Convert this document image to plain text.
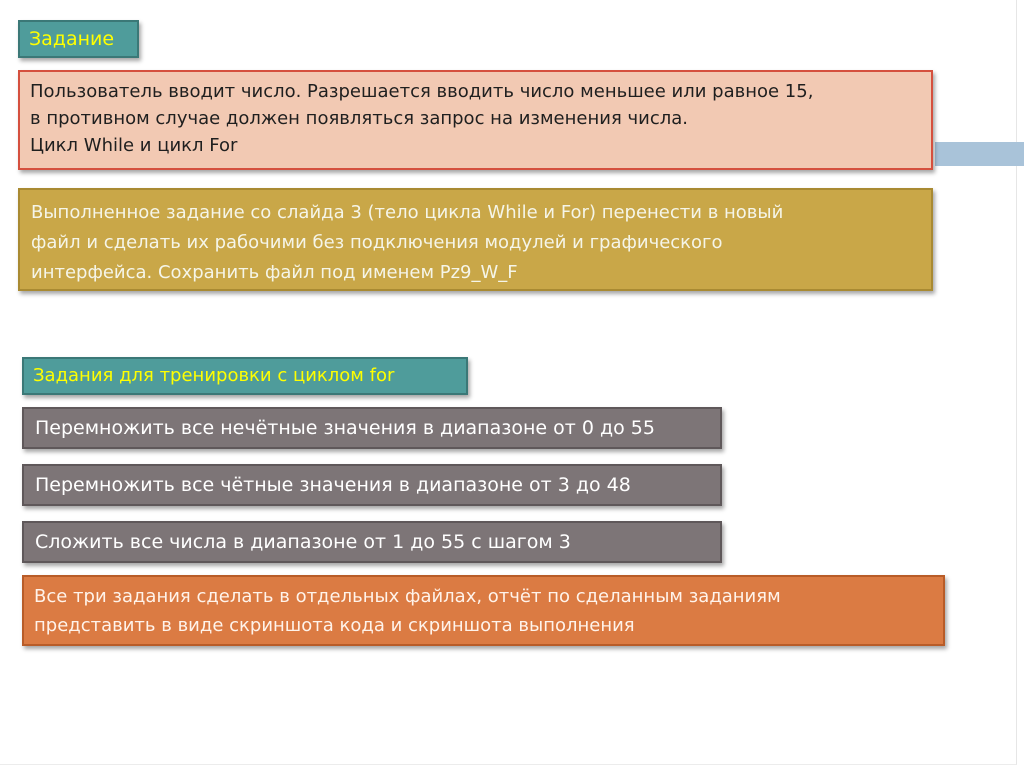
Задание
Пользователь вводит число. Разрешается вводить число меньшее или равное 15,
в противном случае должен появляться запрос на изменения числа.
Цикл While и цикл For
Выполненное задание со слайда 3 (тело цикла While и For) перенести в новый
файл и сделать их рабочими без подключения модулей и графического
интерфейса. Сохранить файл под именем Pz9_W_F
Задания для тренировки с циклом for
Перемножить все нечётные значения в диапазоне от 0 до 55
Перемножить все чётные значения в диапазоне от 3 до 48
Сложить все числа в диапазоне от 1 до 55 с шагом 3
Все три задания сделать в отдельных файлах, отчёт по сделанным заданиям
представить в виде скриншота кода и скриншота выполнения
